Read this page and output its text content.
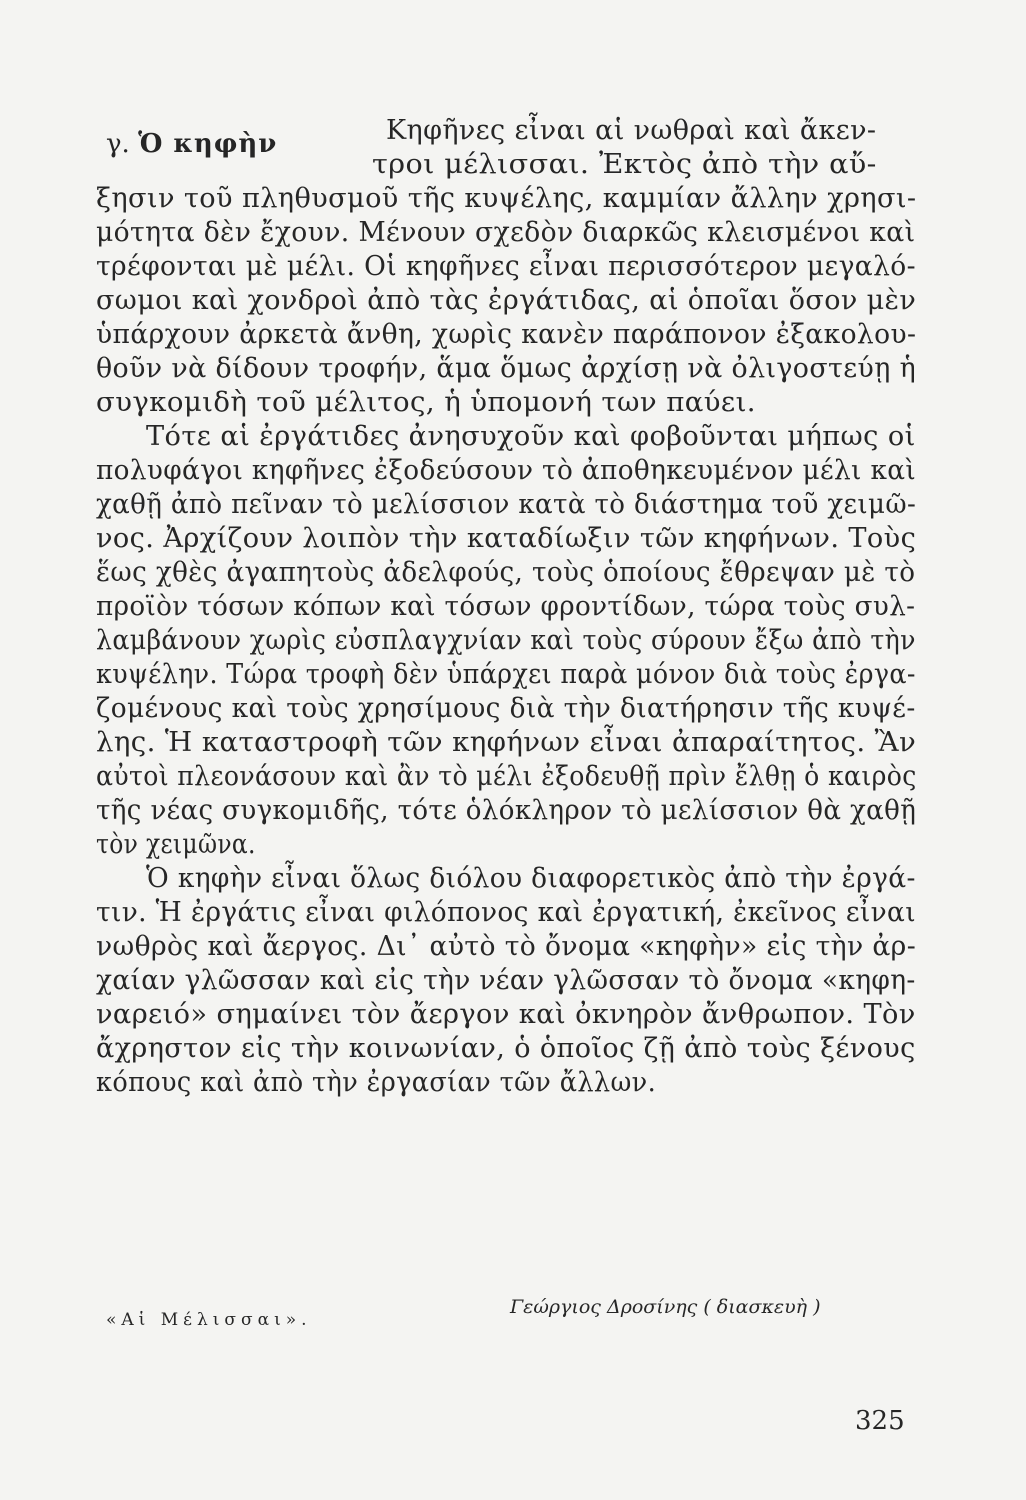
γ. Ὁ κηφὴν	Κηφῆνες εἶναι αἱ νωθραὶ καὶ ἄκεν-
τροι μέλισσαι. Ἐκτὸς ἀπὸ τὴν αὔ-
ξησιν τοῦ πληθυσμοῦ τῆς κυψέλης, καμμίαν ἄλλην χρησι-
μότητα δὲν ἔχουν. Μένουν σχεδὸν διαρκῶς κλεισμένοι καὶ
τρέφονται μὲ μέλι. Οἱ κηφῆνες εἶναι περισσότερον μεγαλό-
σωμοι καὶ χονδροὶ ἀπὸ τὰς ἐργάτιδας, αἱ ὁποῖαι ὅσον μὲν
ὑπάρχουν ἀρκετὰ ἄνθη, χωρὶς κανὲν παράπονον ἐξακολου-
θοῦν νὰ δίδουν τροφήν, ἅμα ὅμως ἀρχίσῃ νὰ ὀλιγοστεύῃ ἡ
συγκομιδὴ τοῦ μέλιτος, ἡ ὑπομονή των παύει.
Τότε αἱ ἐργάτιδες ἀνησυχοῦν καὶ φοβοῦνται μήπως οἱ
πολυφάγοι κηφῆνες ἐξοδεύσουν τὸ ἀποθηκευμένον μέλι καὶ
χαθῇ ἀπὸ πεῖναν τὸ μελίσσιον κατὰ τὸ διάστημα τοῦ χειμῶ-
νος. Ἀρχίζουν λοιπὸν τὴν καταδίωξιν τῶν κηφήνων. Τοὺς
ἕως χθὲς ἀγαπητοὺς ἀδελφούς, τοὺς ὁποίους ἔθρεψαν μὲ τὸ
προϊὸν τόσων κόπων καὶ τόσων φροντίδων, τώρα τοὺς συλ-
λαμβάνουν χωρὶς εὐσπλαγχνίαν καὶ τοὺς σύρουν ἔξω ἀπὸ τὴν
κυψέλην. Τώρα τροφὴ δὲν ὑπάρχει παρὰ μόνον διὰ τοὺς ἐργα-
ζομένους καὶ τοὺς χρησίμους διὰ τὴν διατήρησιν τῆς κυψέ-
λης. Ἡ καταστροφὴ τῶν κηφήνων εἶναι ἀπαραίτητος. Ἂν
αὐτοὶ πλεονάσουν καὶ ἂν τὸ μέλι ἐξοδευθῇ πρὶν ἔλθῃ ὁ καιρὸς
τῆς νέας συγκομιδῆς, τότε ὁλόκληρον τὸ μελίσσιον θὰ χαθῇ
τὸν χειμῶνα.
Ὁ κηφὴν εἶναι ὅλως διόλου διαφορετικὸς ἀπὸ τὴν ἐργά-
τιν. Ἡ ἐργάτις εἶναι φιλόπονος καὶ ἐργατική, ἐκεῖνος εἶναι
νωθρὸς καὶ ἄεργος. Δι᾽ αὐτὸ τὸ ὄνομα «κηφὴν» εἰς τὴν ἀρ-
χαίαν γλῶσσαν καὶ εἰς τὴν νέαν γλῶσσαν τὸ ὄνομα «κηφη-
ναρειό» σημαίνει τὸν ἄεργον καὶ ὀκνηρὸν ἄνθρωπον. Τὸν
ἄχρηστον εἰς τὴν κοινωνίαν, ὁ ὁποῖος ζῇ ἀπὸ τοὺς ξένους
κόπους καὶ ἀπὸ τὴν ἐργασίαν τῶν ἄλλων.
«Αἱ Μέλισσαι».
Γεώργιος Δροσίνης ( διασκευὴ )
325
